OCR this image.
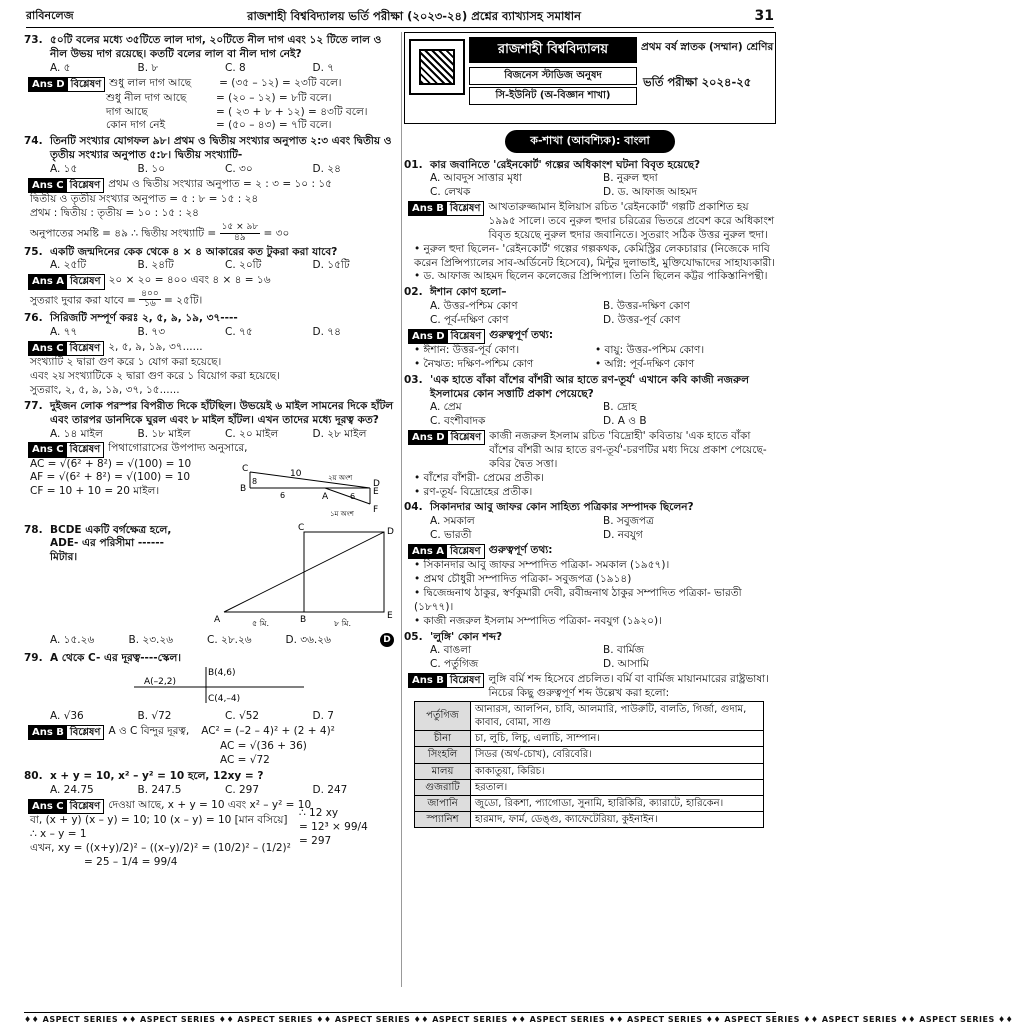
রাবিনলেজ	রাজশাহী বিশ্ববিদ্যালয় ভর্তি পরীক্ষা (২০২৩-২৪) প্রশ্নের ব্যাখ্যাসহ সমাধান	31
73. ৫০টি বলের মধ্যে ৩৫টিতে লাল দাগ, ২০টিতে নীল দাগ এবং ১২ টিতে লাল ও নীল উভয় দাগ রয়েছে। কতটি বলের লাল বা নীল দাগ নেই?
A. ৫	B. ৮	C. 8	D. ৭
Ans D বিশ্লেষণ শুধু লাল দাগ আছে	= (৩৫ – ১২) = ২৩টি বলে।
শুধু নীল দাগ আছে	= (২০ – ১২) = ৮টি বলে।
দাগ আছে	= ( ২৩ + ৮ + ১২) = ৪৩টি বলে।
কোন দাগ নেই	= (৫০ – ৪৩) = ৭টি বলে।
74. তিনটি সংখ্যার যোগফল ৯৮। প্রথম ও দ্বিতীয় সংখ্যার অনুপাত ২:৩ এবং দ্বিতীয় ও তৃতীয় সংখ্যার অনুপাত ৫:৮। দ্বিতীয় সংখ্যাটি-
A. ১৫	B. ১০	C. ৩০	D. ২৪
Ans C বিশ্লেষণ প্রথম ও দ্বিতীয় সংখ্যার অনুপাত = ২ : ৩ = ১০ : ১৫
দ্বিতীয় ও তৃতীয় সংখ্যার অনুপাত = ৫ : ৮ = ১৫ : ২৪
প্রথম : দ্বিতীয় : তৃতীয় = ১০ : ১৫ : ২৪
অনুপাতের সমষ্টি = ৪৯ ∴ দ্বিতীয় সংখ্যাটি = $\frac{১৫ \times ৯৮}{৪৯}$ = ৩০
75. একটি জন্মদিনের কেক থেকে ৪ × ৪ আকারের কত টুকরা করা যাবে?
A. ২৫টি	B. ২৪টি	C. ২০টি	D. ১৫টি
Ans A বিশ্লেষণ ২০ × ২০ = ৪০০ এবং ৪ × ৪ = ১৬
সুতরাং দুবার করা যাবে = $\frac{৪০০}{১৬}$ = ২৫টি।
76. সিরিজটি সম্পূর্ণ করঃ ২, ৫, ৯, ১৯, ৩৭----
A. ৭৭	B. ৭৩	C. ৭৫	D. ৭৪
Ans C বিশ্লেষণ ২, ৫, ৯, ১৯, ৩৭......
সংখ্যাটি ২ দ্বারা গুণ করে ১ যোগ করা হয়েছে।
এবং ২য় সংখ্যাটিকে ২ দ্বারা গুণ করে ১ বিয়োগ করা হয়েছে।
সুতরাং, ২, ৫, ৯, ১৯, ৩৭, ১৫......
77. দুইজন লোক পরস্পর বিপরীত দিকে হাঁটছিল। উভয়েই ৬ মাইল সামনের দিকে হাঁটল এবং তারপর ডানদিকে ঘুরল এবং ৮ মাইল হাঁটল। এখন তাদের মধ্যে দূরত্ব কত?
A. ১৪ মাইল	B. ১৮ মাইল	C. ২০ মাইল	D. ২৮ মাইল
Ans C বিশ্লেষণ পিথাগোরাসের উপপাদ্য অনুসারে,
AC = √(6² + 8²) = √(100) = 10
AF = √(6² + 8²) = √(100) = 10
CF = 10 + 10 = 20 মাইল।
C
B
A
D
E
F
10
8
6	6
২য় অংশ
১ম অংশ
78. BCDE একটি বর্গক্ষেত্র হলে,
ADE- এর পরিসীমা ------
মিটার।
A	B
C	D
E
৫ মি.	৮ মি.
A. ১৫.২৬	B. ২৩.২৬	C. ২৮.২৬	D. ৩৬.২৬	D
79. A থেকে C- এর দূরত্ব----স্কেল।
A(–2,2)
B(4,6)
C(4,–4)
A. √36	B. √72	C. √52	D. 7
Ans B বিশ্লেষণ A ও C বিন্দুর দূরত্ব, AC² = (–2 – 4)² + (2 + 4)²
AC = √(36 + 36)
AC = √72
80. x + y = 10, x² – y² = 10 হলে, 12xy = ?
A. 24.75	B. 247.5	C. 297	D. 247
Ans C বিশ্লেষণ দেওয়া আছে, x + y = 10 এবং x² – y² = 10
বা, (x + y) (x – y) = 10; 10 (x – y) = 10 [মান বসিয়ে]
∴ x – y = 1
এখন, xy = ((x+y)/2)² – ((x–y)/2)² = (10/2)² – (1/2)²
= 25 – 1/4 = 99/4
∴ 12 xy
= 12³ × 99/4
= 297
রাজশাহী বিশ্ববিদ্যালয়	প্রথম বর্ষ স্নাতক (সম্মান) শ্রেণির
বিজনেস স্টাডিজ অনুষদ
সি-ইউনিট (অ-বিজ্ঞান শাখা)
ভর্তি পরীক্ষা ২০২৪-২৫
ক-শাখা (আবশ্যিক): বাংলা
01. কার জবানিতে 'রেইনকোর্ট' গল্পের অধিকাংশ ঘটনা বিবৃত হয়েছে?
A. আবদুস সাত্তার মৃধা	B. নুরুল হুদা
C. লেখক	D. ড. আফাজ আহমদ
Ans B বিশ্লেষণ আখতারুজ্জামান ইলিয়াস রচিত 'রেইনকোর্ট' গল্পটি প্রকাশিত হয় ১৯৯৫ সালে। তবে নুরুল হুদার চরিত্রের ভিতরে প্রবেশ করে অধিকাংশ বিবৃত হয়েছে নুরুল হুদার জবানিতে। সুতরাং সঠিক উত্তর নুরুল হুদা।
• নুরুল হুদা ছিলেন- 'রেইনকোর্ট' গল্পের গল্পকথক, কেমিস্ট্রির লেকচারার (নিজেকে দাবি করেন প্রিন্সিপ্যালের সাব-অর্ডিনেট হিসেবে), মিন্টুর দুলাভাই, মুক্তিযোদ্ধাদের সাহায্যকারী।
• ড. আফাজ আহমদ ছিলেন কলেজের প্রিন্সিপ্যাল। তিনি ছিলেন কট্টর পাকিস্তানিপন্থী।
02. ঈশান কোণ হলো–
A. উত্তর-পশ্চিম কোণ	B. উত্তর-দক্ষিণ কোণ
C. পূর্ব-দক্ষিণ কোণ	D. উত্তর-পূর্ব কোণ
Ans D বিশ্লেষণ গুরুত্বপূর্ণ তথ্য:
• ঈশান: উত্তর-পূর্ব কোণ।	• বায়ু: উত্তর-পশ্চিম কোণ।
• নৈঋত: দক্ষিণ-পশ্চিম কোণ	• অগ্নি: পূর্ব-দক্ষিণ কোণ
03. 'এক হাতে বাঁকা বাঁশের বাঁশরী আর হাতে রণ-তূর্য' এখানে কবি কাজী নজরুল ইসলামের কোন সত্তাটি প্রকাশ পেয়েছে?
A. প্রেম	B. দ্রোহ
C. বংশীবাদক	D. A ও B
Ans D বিশ্লেষণ কাজী নজরুল ইসলাম রচিত 'বিদ্রোহী' কবিতায় 'এক হাতে বাঁকা বাঁশের বাঁশরী আর হাতে রণ-তূর্য'-চরণটির মধ্য দিয়ে প্রকাশ পেয়েছে- কবির দ্বৈত সত্তা।
• বাঁশের বাঁশরী- প্রেমের প্রতীক।
• রণ-তূর্য- বিদ্রোহের প্রতীক।
04. সিকানদার আবু জাফর কোন সাহিত্য পত্রিকার সম্পাদক ছিলেন?
A. সমকাল	B. সবুজপত্র
C. ভারতী	D. নবযুগ
Ans A বিশ্লেষণ গুরুত্বপূর্ণ তথ্য:
• সিকানদার আবু জাফর সম্পাদিত পত্রিকা- সমকাল (১৯৫৭)।
• প্রমথ চৌধুরী সম্পাদিত পত্রিকা- সবুজপত্র (১৯১৪)
• দ্বিজেন্দ্রনাথ ঠাকুর, স্বর্ণকুমারী দেবী, রবীন্দ্রনাথ ঠাকুর সম্পাদিত পত্রিকা- ভারতী (১৮৭৭)।
• কাজী নজরুল ইসলাম সম্পাদিত পত্রিকা- নবযুগ (১৯২০)।
05. 'লুঙ্গি' কোন শব্দ?
A. বাঙলা	B. বার্মিজ
C. পর্তুগিজ	D. আসামি
Ans B বিশ্লেষণ লুঙ্গি বর্মি শব্দ হিসেবে প্রচলিত। বর্মি বা বার্মিজ মায়ানমারের রাষ্ট্রভাষা। নিচের কিছু গুরুত্বপূর্ণ শব্দ উল্লেখ করা হলো:
পর্তুগিজ	আনারস, আলপিন, চাবি, আলমারি, পাউরুটি, বালতি, গির্জা, গুদাম, কাবাব, বোমা, সাগু
চীনা	চা, লুচি, লিচু, এলাচি, সাম্পান।
সিংহলি	সিডর (অর্থ-চোখ), বেরিবেরি।
মালয়	কাকাতুয়া, কিরিচ।
গুজরাটি	হরতাল।
জাপানি	জুডো, রিকশা, প্যাগোডা, সুনামি, হারিকিরি, ক্যারাটে, হারিকেন।
স্প্যানিশ	হারমাদ, ফার্ম, ডেঙ্গু, ক্যাফেটেরিয়া, কুইনাইন।
♦♦ ASPECT SERIES ♦♦ ASPECT SERIES ♦♦ ASPECT SERIES ♦♦ ASPECT SERIES ♦♦ ASPECT SERIES ♦♦ ASPECT SERIES ♦♦ ASPECT SERIES ♦♦ ASPECT SERIES ♦♦ ASPECT SERIES ♦♦ ASPECT SERIES ♦♦
